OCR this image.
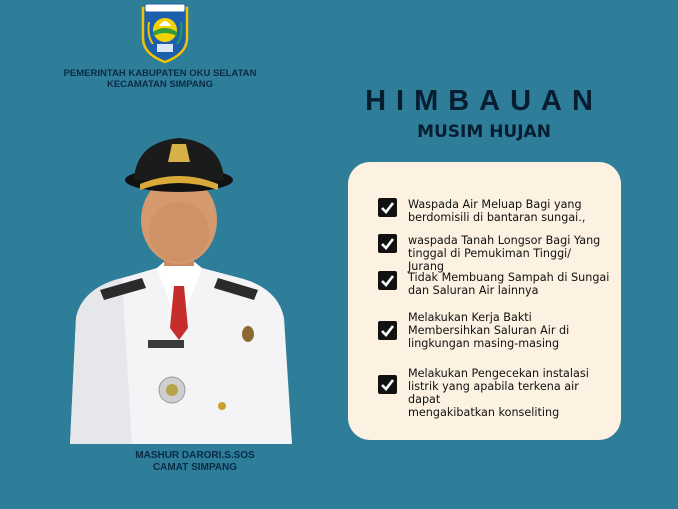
PEMERINTAH KABUPATEN OKU SELATAN
KECAMATAN SIMPANG
MASHUR DARORI.S.SOS
CAMAT SIMPANG
HIMBAUAN
MUSIM HUJAN
Waspada Air Meluap Bagi yang
berdomisili di bantaran sungai.,
waspada Tanah Longsor Bagi Yang
tinggal di Pemukiman Tinggi/ Jurang
Tidak Membuang Sampah di Sungai
dan Saluran Air lainnya
Melakukan Kerja Bakti
Membersihkan Saluran Air di
lingkungan masing-masing
Melakukan Pengecekan instalasi
listrik yang apabila terkena air dapat
mengakibatkan konseliting
